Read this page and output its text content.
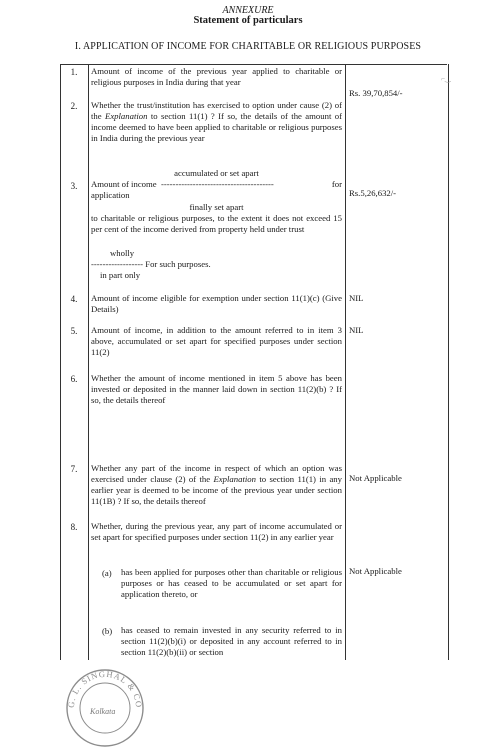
ANNEXURE
Statement of particulars
I. APPLICATION OF INCOME FOR CHARITABLE OR RELIGIOUS PURPOSES
⌐‿
1.	Amount of income of the previous year applied to charitable or religious purposes in India during that year
2.	Whether the trust/institution has exercised to option under cause (2) of the Explanation to section 11(1) ? If so, the details of the amount of income deemed to have been applied to charitable or religious purposes in India during the previous year
Rs. 39,70,854/-
accumulated or set apart
3.	Amount of income ---------------------------------------	for
application	Rs.5,26,632/-
finally set apart
to charitable or religious purposes, to the extent it does not exceed 15 per cent of the income derived from property held under trust
wholly
------------------ For such purposes.
in part only
4.	Amount of income eligible for exemption under section 11(1)(c) (Give Details)
NIL
5.	Amount of income, in addition to the amount referred to in item 3 above, accumulated or set apart for specified purposes under section 11(2)
NIL
6.	Whether the amount of income mentioned in item 5 above has been invested or deposited in the manner laid down in section 11(2)(b) ? If so, the details thereof
7.	Whether any part of the income in respect of which an option was exercised under clause (2) of the Explanation to section 11(1) in any earlier year is deemed to be income of the previous year under section 11(1B) ? If so, the details thereof
Not Applicable
8.	Whether, during the previous year, any part of income accumulated or set apart for specified purposes under section 11(2) in any earlier year
(a) has been applied for purposes other than charitable or religious purposes or has ceased to be accumulated or set apart for application thereto, or
Not Applicable
(b) has ceased to remain invested in any security referred to in section 11(2)(b)(i) or deposited in any account referred to in section 11(2)(b)(ii) or section
G. L. SINGHAL & CO
Kolkata
